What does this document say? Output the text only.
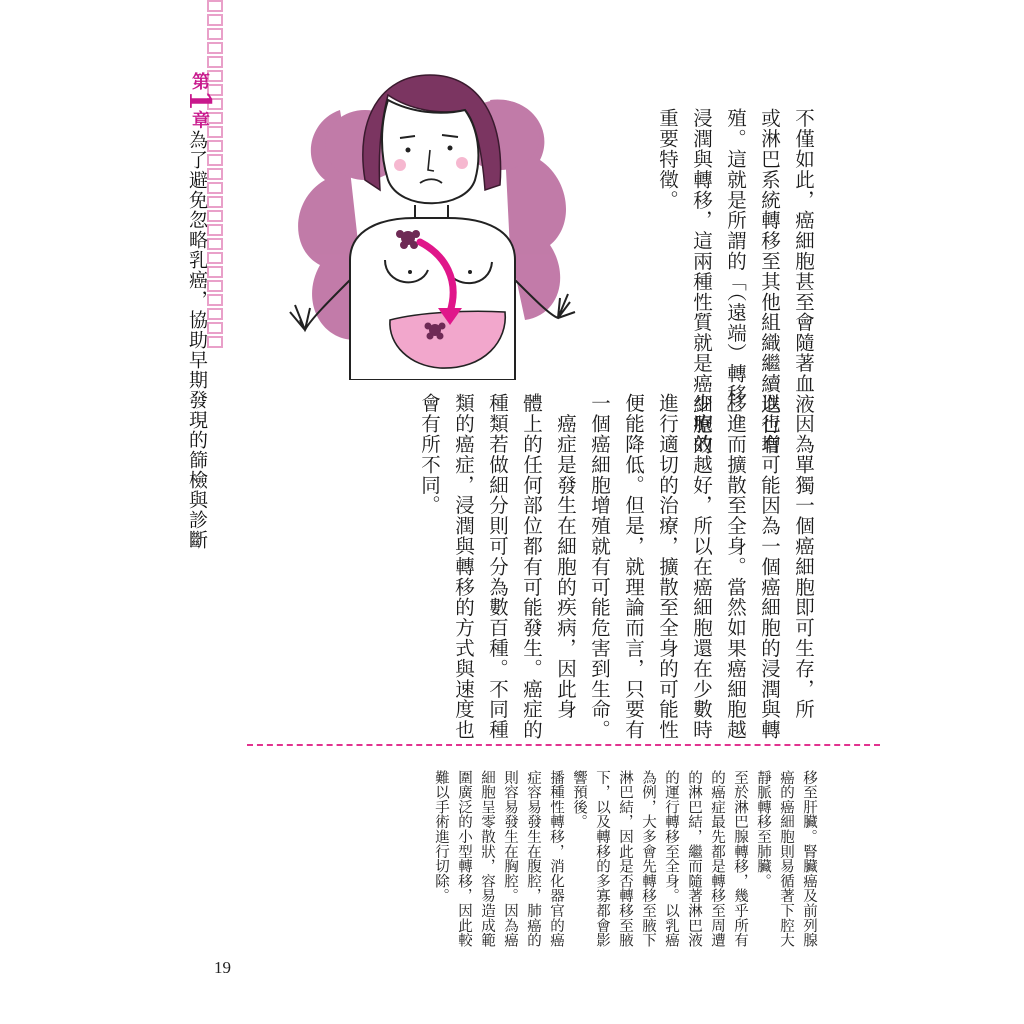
第1章
為了避免忽略乳癌，協助早期發現的篩檢與診斷	不僅如此，癌細胞甚至會隨著血液
或淋巴系統轉移至其他組織繼續進行增
殖。這就是所謂的「（遠端）轉移」。
浸潤與轉移，這兩種性質就是癌細胞的
重要特徵。
　因為單獨一個癌細胞即可生存，所
以也有可能因為一個癌細胞的浸潤與轉
移進而擴散至全身。當然如果癌細胞越
少療效越好，所以在癌細胞還在少數時
進行適切的治療，擴散至全身的可能性
便能降低。但是，就理論而言，只要有
一個癌細胞增殖就有可能危害到生命。
　癌症是發生在細胞的疾病，因此身
體上的任何部位都有可能發生。癌症的
種類若做細分則可分為數百種。不同種
類的癌症，浸潤與轉移的方式與速度也
會有所不同。
移至肝臟。腎臟癌及前列腺
癌的癌細胞則易循著下腔大
靜脈轉移至肺臟。
至於淋巴腺轉移，幾乎所有
的癌症最先都是轉移至周遭
的淋巴結，繼而隨著淋巴液
的運行轉移至全身。以乳癌
為例，大多會先轉移至腋下
淋巴結，因此是否轉移至腋
下，以及轉移的多寡都會影
響預後。
播種性轉移，消化器官的癌
症容易發生在腹腔，肺癌的
則容易發生在胸腔。因為癌
細胞呈零散狀，容易造成範
圍廣泛的小型轉移，因此較
難以手術進行切除。
19
